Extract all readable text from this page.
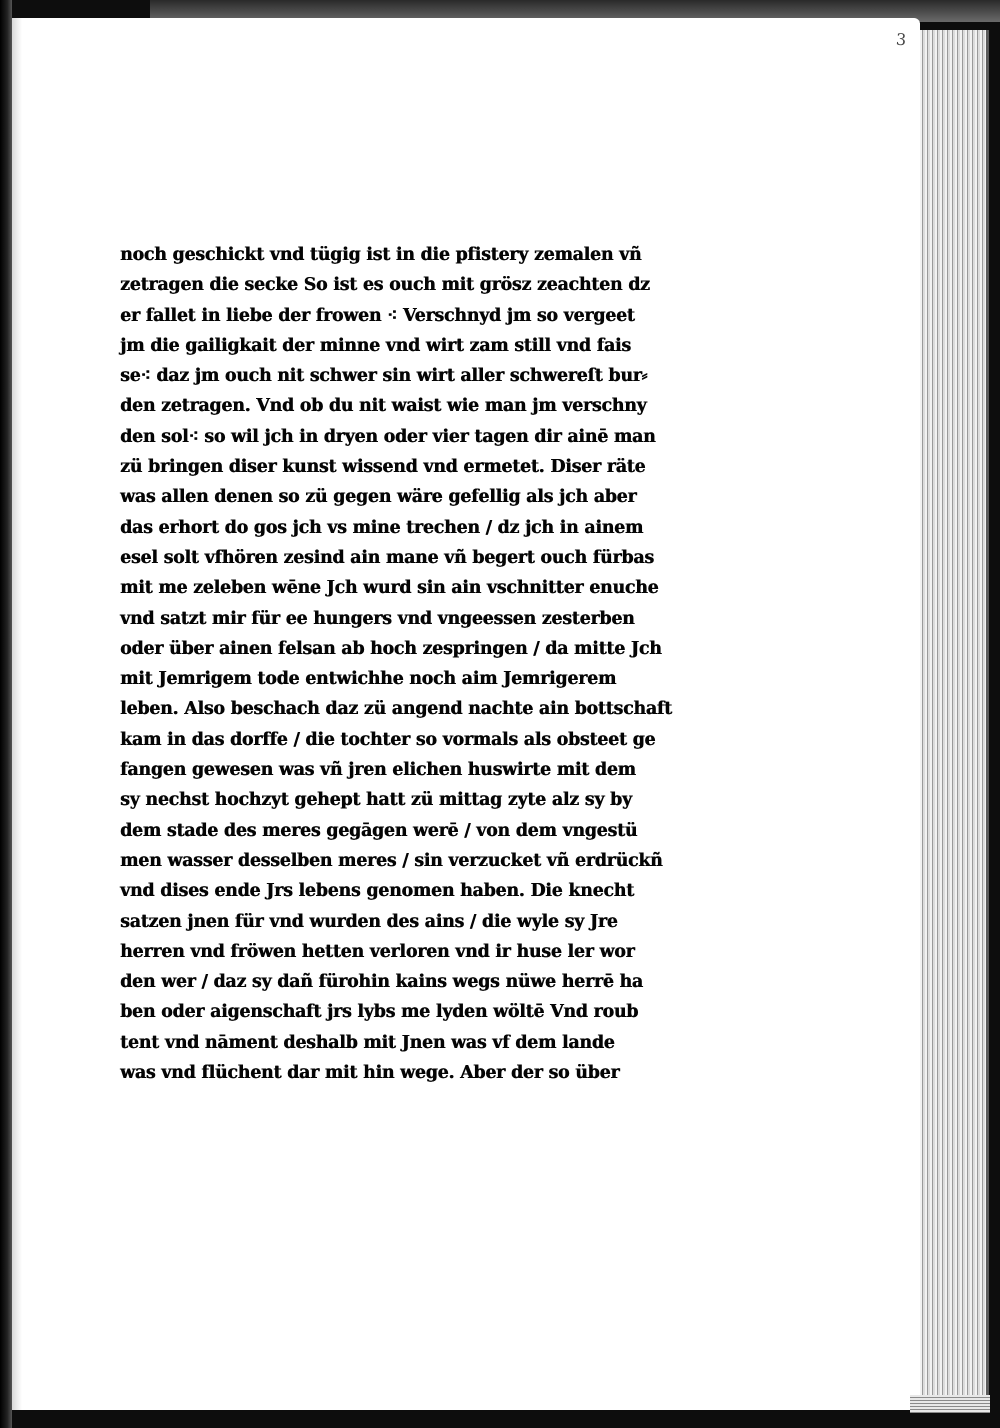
3
noch geschickt vnd tügig ist in die pfistery zemalen vñ
zetragen die secke So ist es ouch mit grösz zeachten dz
er fallet in liebe der frowen ⁖ Verschnyd jm so vergeet
jm die gailigkait der minne vnd wirt zam still vnd fais
se⁖ daz jm ouch nit schwer sin wirt aller schwereſt bur⸗
den zetragen. Vnd ob du nit waist wie man jm verschny
den sol⁖ so wil jch in dryen oder vier tagen dir ainē man
zü bringen diser kunst wissend vnd ermetet. Diser räte
was allen denen so zü gegen wäre gefellig als jch aber
das erhort do gos jch vs mine trechen / dz jch in ainem
esel solt vfhören zesind ain mane vñ begert ouch fürbas
mit me zeleben wēne Jch wurd sin ain vschnitter enuche
vnd satzt mir für ee hungers vnd vngeessen zesterben
oder über ainen felsan ab hoch zespringen / da mitte Jch
mit Jemrigem tode entwichhe noch aim Jemrigerem
leben. Also beschach daz zü angend nachte ain bottschaft
kam in das dorffe / die tochter so vormals als obsteet ge
fangen gewesen was vñ jren elichen huswirte mit dem
sy nechst hochzyt gehept hatt zü mittag zyte alz sy by
dem stade des meres gegāgen werē / von dem vngestü
men wasser desselben meres / sin verzucket vñ erdrückñ
vnd dises ende Jrs lebens genomen haben. Die knecht
satzen jnen für vnd wurden des ains / die wyle sy Jre
herren vnd fröwen hetten verloren vnd ir huse ler wor
den wer / daz sy dañ fürohin kains wegs nüwe herrē ha
ben oder aigenschaft jrs lybs me lyden wöltē Vnd roub
tent vnd nāment deshalb mit Jnen was vf dem lande
was vnd flüchent dar mit hin wege. Aber der so über
